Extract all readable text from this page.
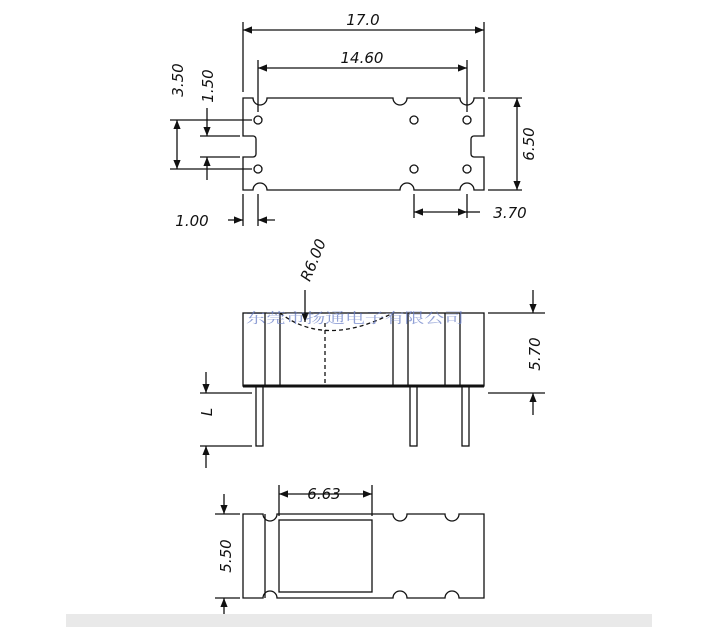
17.0
14.60
6.50
3.50 1.50
1.00	3.70
R6.00
5.70
L
东莞市扬通电子有限公司
6.63
5.50
